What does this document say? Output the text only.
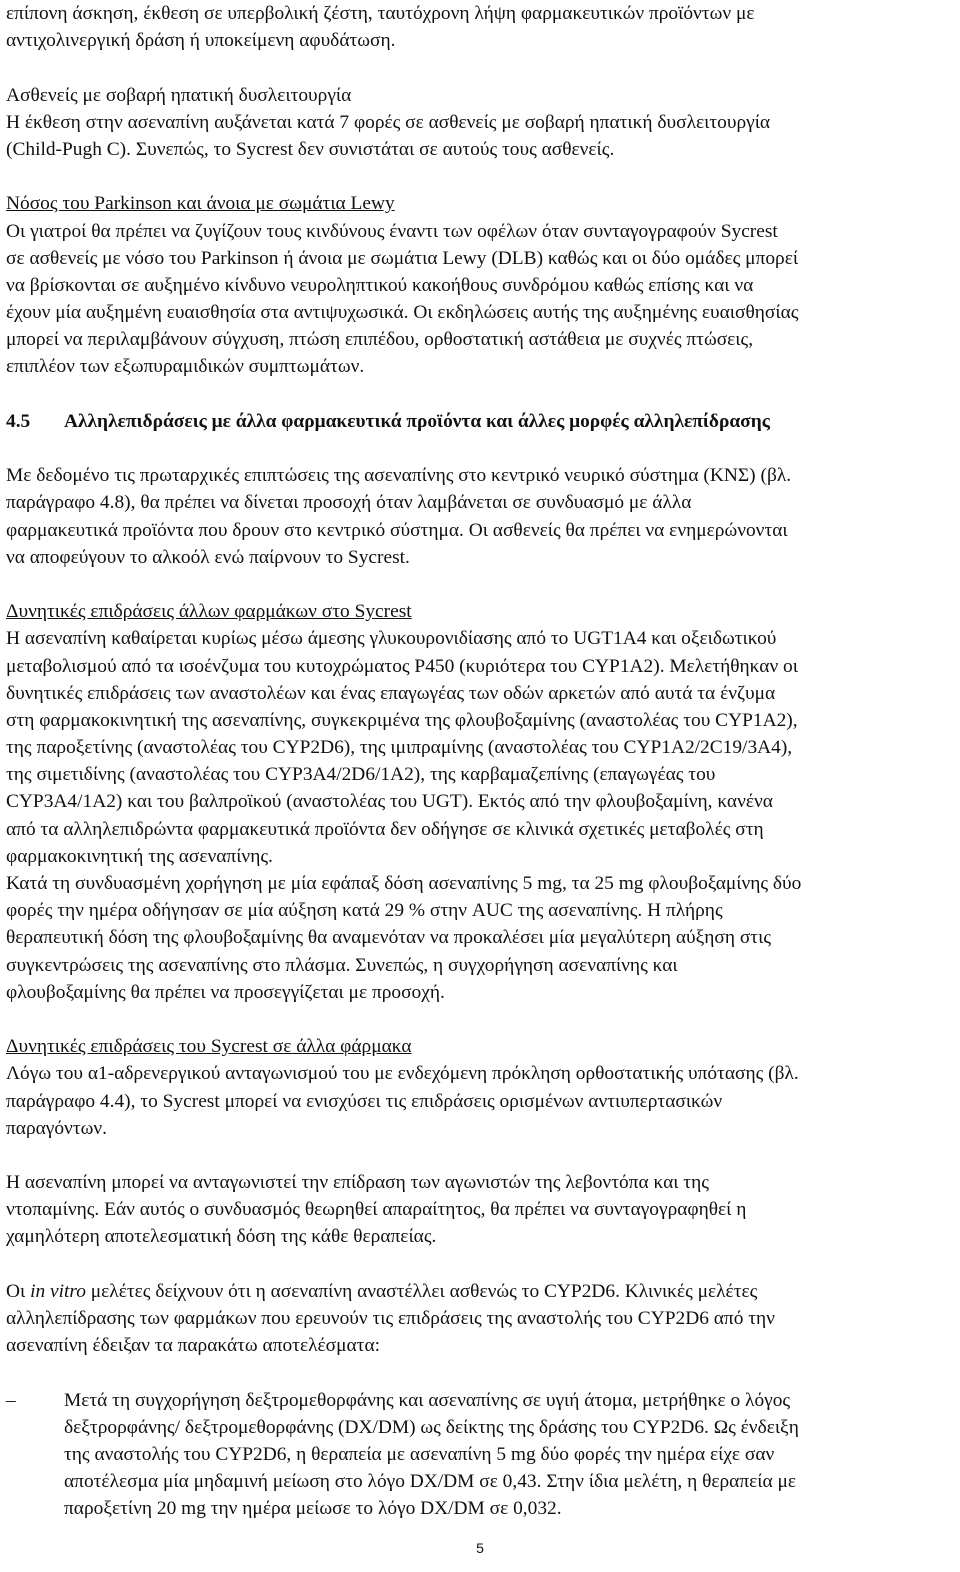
επίπονη άσκηση, έκθεση σε υπερβολική ζέστη, ταυτόχρονη λήψη φαρμακευτικών προϊόντων με

αντιχολινεργική δράση ή υποκείμενη αφυδάτωση.

Ασθενείς με σοβαρή ηπατική δυσλειτουργία

Η έκθεση στην ασεναπίνη αυξάνεται κατά 7 φορές σε ασθενείς με σοβαρή ηπατική δυσλειτουργία

(Child-Pugh C). Συνεπώς, το Sycrest δεν συνιστάται σε αυτούς τους ασθενείς.

Νόσος του Parkinson και άνοια με σωμάτια Lewy

Οι γιατροί θα πρέπει να ζυγίζουν τους κινδύνους έναντι των οφέλων όταν συνταγογραφούν Sycrest

σε ασθενείς με νόσο του Parkinson ή άνοια με σωμάτια Lewy (DLB) καθώς και οι δύο ομάδες μπορεί

να βρίσκονται σε αυξημένο κίνδυνο νευροληπτικού κακοήθους συνδρόμου καθώς επίσης και να

έχουν μία αυξημένη ευαισθησία στα αντιψυχωσικά. Οι εκδηλώσεις αυτής της αυξημένης ευαισθησίας

μπορεί να περιλαμβάνουν σύγχυση, πτώση επιπέδου, ορθοστατική αστάθεια με συχνές πτώσεις,

επιπλέον των εξωπυραμιδικών συμπτωμάτων.

4.5 Αλληλεπιδράσεις με άλλα φαρμακευτικά προϊόντα και άλλες μορφές αλληλεπίδρασης

Με δεδομένο τις πρωταρχικές επιπτώσεις της ασεναπίνης στο κεντρικό νευρικό σύστημα (ΚΝΣ) (βλ.

παράγραφο 4.8), θα πρέπει να δίνεται προσοχή όταν λαμβάνεται σε συνδυασμό με άλλα

φαρμακευτικά προϊόντα που δρουν στο κεντρικό σύστημα. Οι ασθενείς θα πρέπει να ενημερώνονται

να αποφεύγουν το αλκοόλ ενώ παίρνουν το Sycrest.

Δυνητικές επιδράσεις άλλων φαρμάκων στο Sycrest

Η ασεναπίνη καθαίρεται κυρίως μέσω άμεσης γλυκουρονιδίασης από το UGT1A4 και οξειδωτικού

μεταβολισμού από τα ισοένζυμα του κυτοχρώματος P450 (κυριότερα του CYP1A2). Μελετήθηκαν οι

δυνητικές επιδράσεις των αναστολέων και ένας επαγωγέας των οδών αρκετών από αυτά τα ένζυμα

στη φαρμακοκινητική της ασεναπίνης, συγκεκριμένα της φλουβοξαμίνης (αναστολέας του CYP1A2),

της παροξετίνης (αναστολέας του CYP2D6), της ιμιπραμίνης (αναστολέας του CYP1A2/2C19/3A4),

της σιμετιδίνης (αναστολέας του CYP3A4/2D6/1A2), της καρβαμαζεπίνης (επαγωγέας του

CYP3A4/1A2) και του βαλπροϊκού (αναστολέας του UGT). Εκτός από την φλουβοξαμίνη, κανένα

από τα αλληλεπιδρώντα φαρμακευτικά προϊόντα δεν οδήγησε σε κλινικά σχετικές μεταβολές στη

φαρμακοκινητική της ασεναπίνης.

Κατά τη συνδυασμένη χορήγηση με μία εφάπαξ δόση ασεναπίνης 5 mg, τα 25 mg φλουβοξαμίνης δύο

φορές την ημέρα οδήγησαν σε μία αύξηση κατά 29 % στην AUC της ασεναπίνης. Η πλήρης

θεραπευτική δόση της φλουβοξαμίνης θα αναμενόταν να προκαλέσει μία μεγαλύτερη αύξηση στις

συγκεντρώσεις της ασεναπίνης στο πλάσμα. Συνεπώς, η συγχορήγηση ασεναπίνης και

φλουβοξαμίνης θα πρέπει να προσεγγίζεται με προσοχή.

Δυνητικές επιδράσεις του Sycrest σε άλλα φάρμακα

Λόγω του α1-αδρενεργικού ανταγωνισμού του με ενδεχόμενη πρόκληση ορθοστατικής υπότασης (βλ.

παράγραφο 4.4), το Sycrest μπορεί να ενισχύσει τις επιδράσεις ορισμένων αντιυπερτασικών

παραγόντων.

Η ασεναπίνη μπορεί να ανταγωνιστεί την επίδραση των αγωνιστών της λεβοντόπα και της

ντοπαμίνης. Εάν αυτός ο συνδυασμός θεωρηθεί απαραίτητος, θα πρέπει να συνταγογραφηθεί η

χαμηλότερη αποτελεσματική δόση της κάθε θεραπείας.

Οι in vitro μελέτες δείχνουν ότι η ασεναπίνη αναστέλλει ασθενώς το CYP2D6. Κλινικές μελέτες

αλληλεπίδρασης των φαρμάκων που ερευνούν τις επιδράσεις της αναστολής του CYP2D6 από την

ασεναπίνη έδειξαν τα παρακάτω αποτελέσματα:

– Μετά τη συγχορήγηση δεξτρομεθορφάνης και ασεναπίνης σε υγιή άτομα, μετρήθηκε ο λόγος

δεξτρορφάνης/ δεξτρομεθορφάνης (DX/DM) ως δείκτης της δράσης του CYP2D6. Ως ένδειξη

της αναστολής του CYP2D6, η θεραπεία με ασεναπίνη 5 mg δύο φορές την ημέρα είχε σαν

αποτέλεσμα μία μηδαμινή μείωση στο λόγο DX/DM σε 0,43. Στην ίδια μελέτη, η θεραπεία με

παροξετίνη 20 mg την ημέρα μείωσε το λόγο DX/DM σε 0,032.

5
